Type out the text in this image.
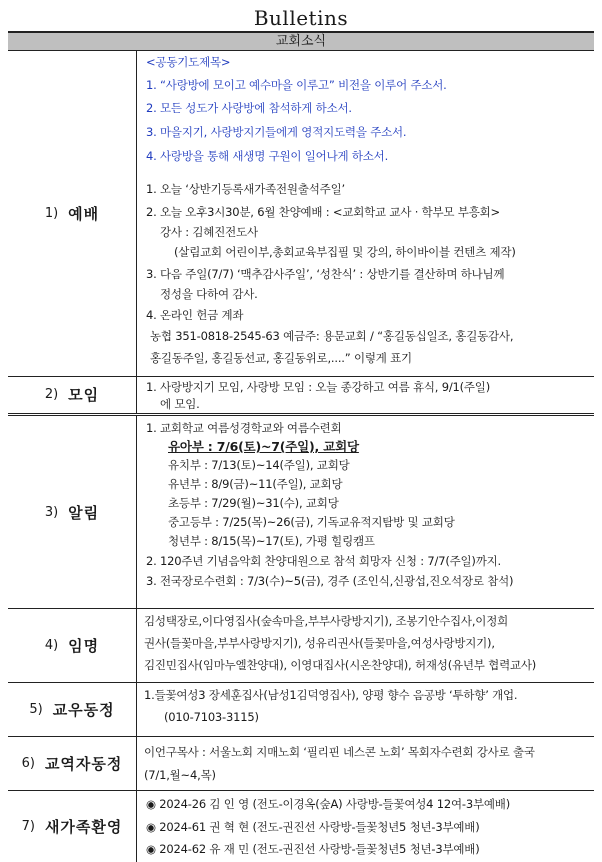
Bulletins
교회소식
1) 예배
<공동기도제목>
1. “사랑방에 모이고 예수마을 이루고” 비전을 이루어 주소서.
2. 모든 성도가 사랑방에 참석하게 하소서.
3. 마을지기, 사랑방지기들에게 영적지도력을 주소서.
4. 사랑방을 통해 새생명 구원이 일어나게 하소서.
1. 오늘 ‘상반기등록새가족전원출석주일’
2. 오늘 오후3시30분, 6월 찬양예배 : <교회학교 교사 · 학부모 부흥회>
강사 : 김혜진전도사
(살림교회 어린이부,총회교육부집필 및 강의, 하이바이블 컨텐츠 제작)
3. 다음 주일(7/7) ‘맥추감사주일’, ‘성찬식’ : 상반기를 결산하며 하나님께
정성을 다하여 감사.
4. 온라인 헌금 계좌
농협 351-0818-2545-63 예금주: 용문교회 / “홍길동십일조, 홍길동감사,
홍길동주일, 홍길동선교, 홍길동위로,....” 이렇게 표기
2) 모임	1. 사랑방지기 모임, 사랑방 모임 : 오늘 종강하고 여름 휴식, 9/1(주일)
에 모임.
3) 알림
1. 교회학교 여름성경학교와 여름수련회
유아부 : 7/6(토)~7(주일), 교회당
유치부 : 7/13(토)~14(주일), 교회당
유년부 : 8/9(금)~11(주일), 교회당
초등부 : 7/29(월)~31(수), 교회당
중고등부 : 7/25(목)~26(금), 기독교유적지탐방 및 교회당
청년부 : 8/15(목)~17(토), 가평 힐링캠프
2. 120주년 기념음악회 찬양대원으로 참석 희망자 신청 : 7/7(주일)까지.
3. 전국장로수련회 : 7/3(수)~5(금), 경주 (조인식,신광섭,진오석장로 참석)
4) 임명
김성택장로,이다영집사(숲속마을,부부사랑방지기), 조봉기안수집사,이정희
권사(들꽃마을,부부사랑방지기), 성유리권사(들꽃마을,여성사랑방지기),
김진민집사(임마누엘찬양대), 이영대집사(시온찬양대), 허재성(유년부 협력교사)
5) 교우동정
1.들꽃여성3 장세훈집사(남성1김덕영집사), 양평 향수 음공방 ‘투하향’ 개업.
(010-7103-3115)
6) 교역자동정
이언구목사 : 서울노회 지매노회 ‘필리핀 네스콘 노회’ 목회자수련회 강사로 출국
(7/1,월~4,목)
7) 새가족환영
◉ 2024-26 김 인 영 (전도-이경옥(숲A) 사랑방-들꽃여성4 12여-3부예배)
◉ 2024-61 권 혁 현 (전도-권진선 사랑방-들꽃청년5 청년-3부예배)
◉ 2024-62 유 재 민 (전도-권진선 사랑방-들꽃청년5 청년-3부예배)
